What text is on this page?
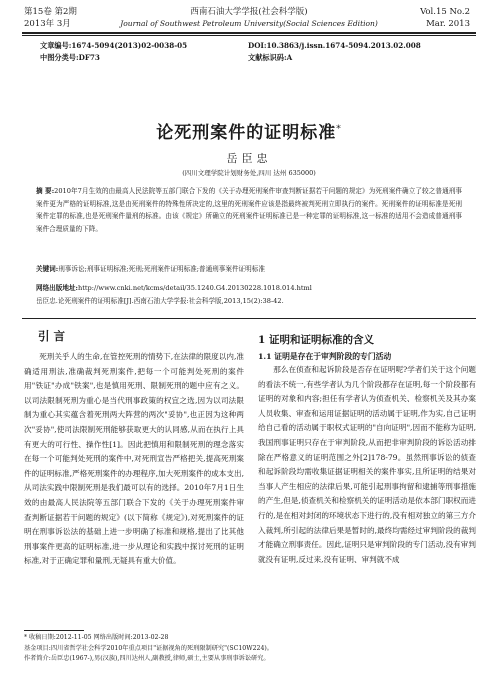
第15卷 第2期
2013年 3月
西南石油大学学报(社会科学版)
Journal of Southwest Petroleum University(Social Sciences Edition)
Vol.15 No.2
Mar. 2013
文章编号:1674-5094(2013)02-0038-05
中图分类号:DF73
DOI:10.3863/j.issn.1674-5094.2013.02.008
文献标识码:A
论死刑案件的证明标准*
岳臣忠
(四川文理学院计划财务处,四川 达州 635000)
摘 要:2010年7月生效的由最高人民法院等五部门联合下发的《关于办理死刑案件审查判断证据若干问题的规定》为死刑案件确立了较之普通刑事案件更为严格的证明标准,这是由死刑案件的特殊性所决定的,这里的死刑案件应该是指最终被判死刑立即执行的案件。死刑案件的证明标准是死刑案件定罪的标准,也是死刑案件量刑的标准。由该《规定》所确立的死刑案件证明标准已是一种定罪的证明标准,这一标准的适用不会造成普通刑事案件合理质量的下降。
关键词:刑事诉讼;刑事证明标准;死刑;死刑案件证明标准;普通刑事案件证明标准
网络出版地址:http://www.cnki.net/kcms/detail/35.1240.G4.20130228.1018.014.html
岳臣忠.论死刑案件的证明标准[J].西南石油大学学报:社会科学版,2013,15(2):38-42.
引 言

死刑关乎人的生命,在管控死刑的情势下,在法律的限度以内,准确适用刑法,准确裁判死刑案件,把每一个可能判处死刑的案件用"铁证"办成"铁案",也是慎用死刑、限制死刑的题中应有之义。以司法限制死刑为重心是当代刑事政策的权宜之选,因为以司法限制为重心其实蕴含着死刑两大阵营的两次"妥协",也正因为这种两次"妥协",使司法限制死刑能够获取更大的认同感,从而在执行上具有更大的可行性、操作性[1]。因此把慎用和限制死刑的理念落实在每一个可能判处死刑的案件中,对死刑宣告严格把关,提高死刑案件的证明标准,严格死刑案件的办理程序,加大死刑案件的成本支出,从司法实践中限制死刑是我们最可以有的选择。2010年7月1日生效的由最高人民法院等五部门联合下发的《关于办理死刑案件审查判断证据若干问题的规定》(以下简称《规定》),对死刑案件的证明在刑事诉讼法的基础上进一步明确了标准和规格,提出了比其他刑事案件更高的证明标准,进一步从理论和实践中探讨死刑的证明标准,对于正确定罪和量刑,无疑具有重大价值。

1 证明和证明标准的含义
1.1 证明是存在于审判阶段的专门活动

那么在侦查和起诉阶段是否存在证明呢?学者们关于这个问题的看法不统一,有些学者认为几个阶段都存在证明,每一个阶段都有证明的对象和内容;担任有学者认为侦查机关、检察机关及其办案人员收集、审查和运用证据证明的活动属于证明,作为实,自己证明给自己看的活动属于职权式证明的"自向证明",因而不能称为证明,我国刑事证明只存在于审判阶段,从而把非审判阶段的诉讼活动排除在严格意义的证明范围之外[2]178-79。虽然刑事诉讼的侦查和起诉阶段均需收集证据证明相关的案件事实,且所证明的结果对当事人产生相应的法律后果,可能引起刑事拘留和逮捕等刑事措施的产生,但是,侦查机关和检察机关的证明活动是依本部门职权而进行的,是在相对封闭的环境状态下进行的,没有相对独立的第三方介入裁判,所引起的法律后果是暂时的,最终均需经过审判阶段的裁判才能确立刑事责任。因此,证明只是审判阶段的专门活动,没有审判就没有证明,反过来,没有证明、审判就不成

* 收稿日期:2012-11-05 网络出版时间:2013-02-28
基金项目:四川省哲学社会科学2010年重点项目"证据视角的死刑限制研究"(SC10W224)。
作者简介:岳臣忠(1967-),男(汉族),四川达州人,副教授,律师,硕士,主要从事刑事诉讼研究。
